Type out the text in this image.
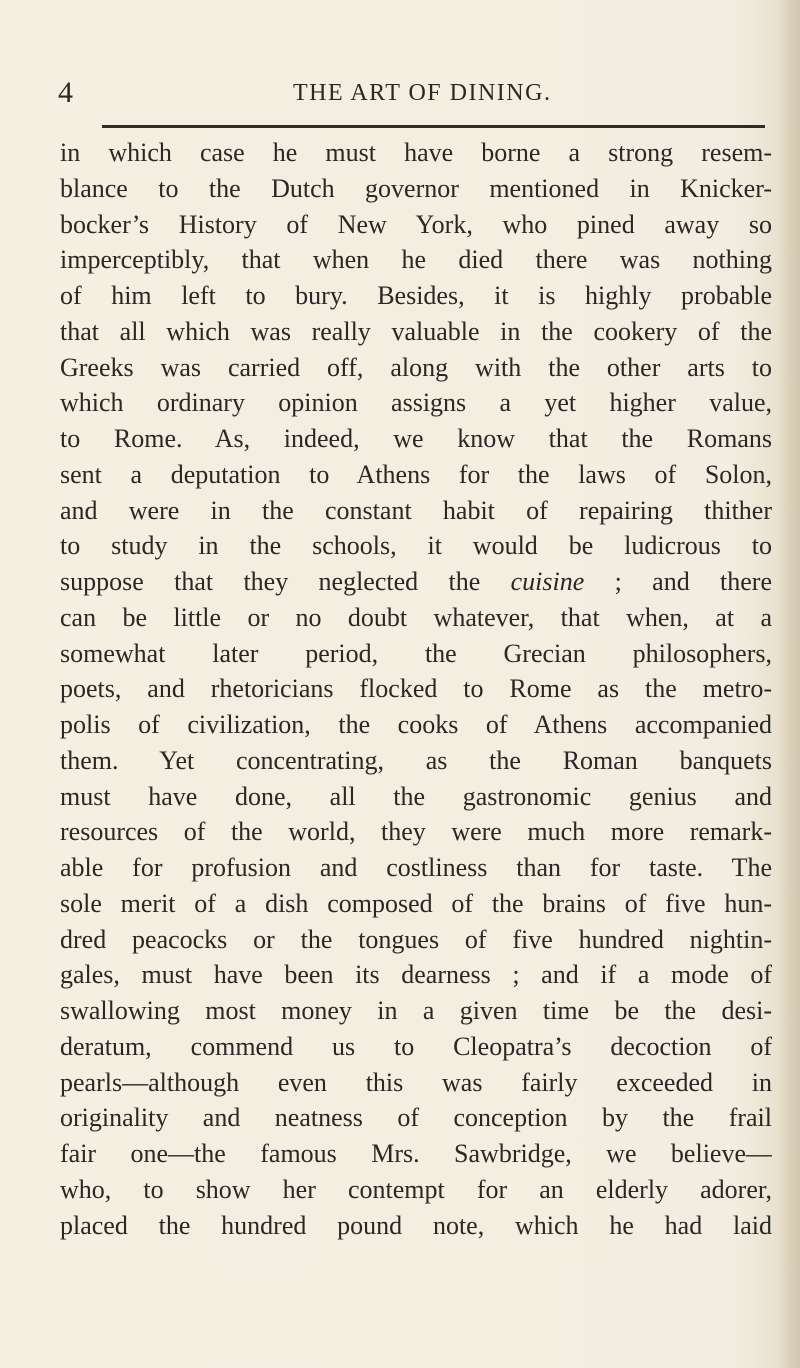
4	THE ART OF DINING.
in which case he must have borne a strong resem-
blance to the Dutch governor mentioned in Knicker-
bocker’s History of New York, who pined away so
imperceptibly, that when he died there was nothing
of him left to bury. Besides, it is highly probable
that all which was really valuable in the cookery of the
Greeks was carried off, along with the other arts to
which ordinary opinion assigns a yet higher value,
to Rome. As, indeed, we know that the Romans
sent a deputation to Athens for the laws of Solon,
and were in the constant habit of repairing thither
to study in the schools, it would be ludicrous to
suppose that they neglected the cuisine ; and there
can be little or no doubt whatever, that when, at a
somewhat later period, the Grecian philosophers,
poets, and rhetoricians flocked to Rome as the metro-
polis of civilization, the cooks of Athens accompanied
them. Yet concentrating, as the Roman banquets
must have done, all the gastronomic genius and
resources of the world, they were much more remark-
able for profusion and costliness than for taste. The
sole merit of a dish composed of the brains of five hun-
dred peacocks or the tongues of five hundred nightin-
gales, must have been its dearness ; and if a mode of
swallowing most money in a given time be the desi-
deratum, commend us to Cleopatra’s decoction of
pearls—although even this was fairly exceeded in
originality and neatness of conception by the frail
fair one—the famous Mrs. Sawbridge, we believe—
who, to show her contempt for an elderly adorer,
placed the hundred pound note, which he had laid
